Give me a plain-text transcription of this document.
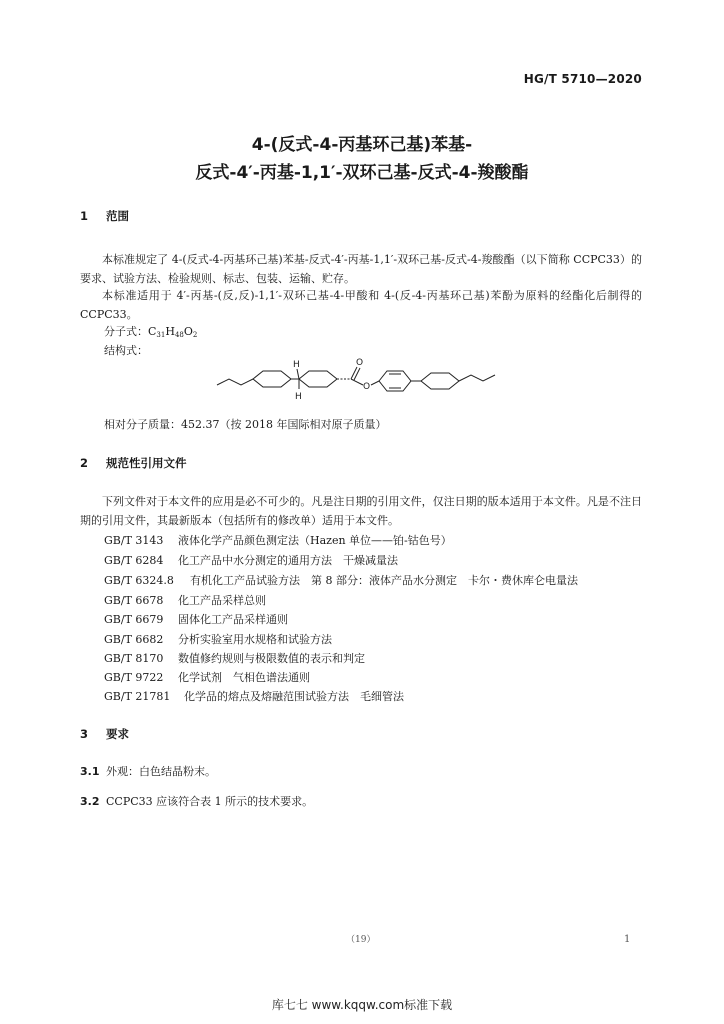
HG/T 5710—2020
4-(反式-4-丙基环己基)苯基-
反式-4′-丙基-1,1′-双环己基-反式-4-羧酸酯
1 范围
本标准规定了 4-(反式-4-丙基环己基)苯基-反式-4′-丙基-1,1′-双环己基-反式-4-羧酸酯（以下简称 CCPC33）的要求、试验方法、检验规则、标志、包装、运输、贮存。
本标准适用于 4′-丙基-(反,反)-1,1′-双环己基-4-甲酸和 4-(反-4-丙基环己基)苯酚为原料的经酯化后制得的 CCPC33。
分子式：$C_{31}H_{48}O_2$
结构式：
H
H
O
O
相对分子质量：452.37（按 2018 年国际相对原子质量）
2 规范性引用文件
下列文件对于本文件的应用是必不可少的。凡是注日期的引用文件，仅注日期的版本适用于本文件。凡是不注日期的引用文件，其最新版本（包括所有的修改单）适用于本文件。
GB/T 3143 液体化学产品颜色测定法（Hazen 单位——铂-钴色号）
GB/T 6284 化工产品中水分测定的通用方法　干燥减量法
GB/T 6324.8 有机化工产品试验方法　第 8 部分：液体产品水分测定　卡尔・费休库仑电量法
GB/T 6678 化工产品采样总则
GB/T 6679 固体化工产品采样通则
GB/T 6682 分析实验室用水规格和试验方法
GB/T 8170 数值修约规则与极限数值的表示和判定
GB/T 9722 化学试剂　气相色谱法通则
GB/T 21781 化学品的熔点及熔融范围试验方法　毛细管法
3 要求
3.1 外观：白色结晶粉末。
3.2 CCPC33 应该符合表 1 所示的技术要求。
（19）	1
库七七 www.kqqw.com标准下载
